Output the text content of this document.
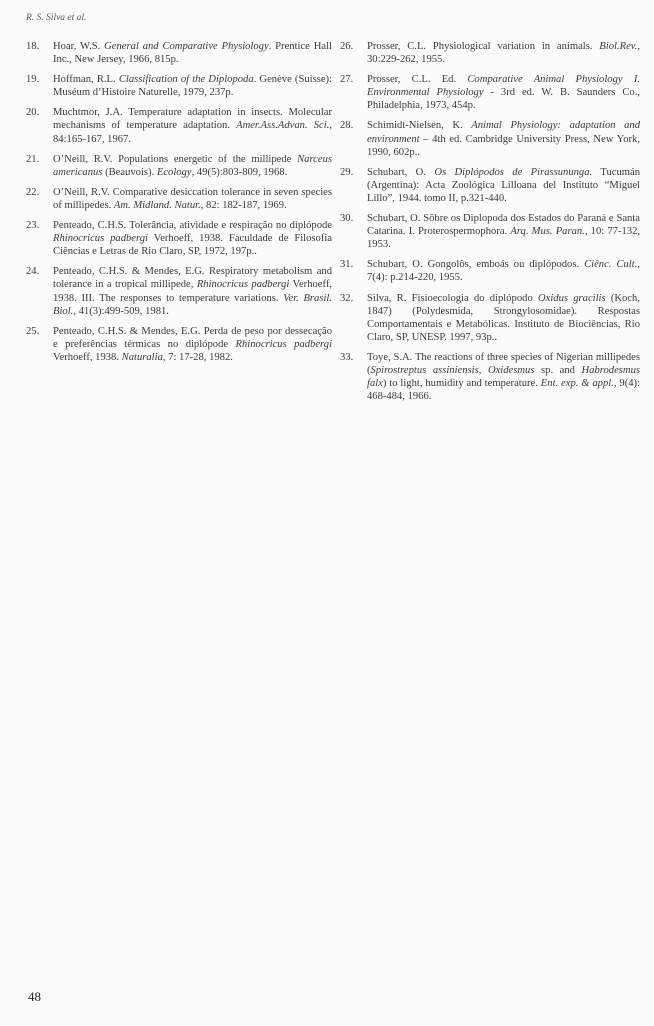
R. S. Silva et al.
18.	Hoar, W.S. General and Comparative Physiology. Prentice Hall Inc., New Jersey, 1966, 815p.
19.	Hoffman, R.L. Classification of the Diplopoda. Genève (Suisse): Muséum d’Histoire Naturelle, 1979, 237p.
20.	Muchtmor, J.A. Temperature adaptation in insects. Molecular mechanisms of temperature adaptation. Amer.Ass.Advan. Sci., 84:165-167, 1967.
21.	O’Neill, R.V. Populations energetic of the millipede Narceus americanus (Beauvois). Ecology, 49(5):803-809, 1968.
22.	O’Neill, R.V. Comparative desiccation tolerance in seven species of millipedes. Am. Midland. Natur., 82: 182-187, 1969.
23.	Penteado, C.H.S. Tolerância, atividade e respiração no diplópode Rhinocricus padbergi Verhoeff, 1938. Faculdade de Filosofia Ciências e Letras de Rio Claro, SP, 1972, 197p..
24.	Penteado, C.H.S. & Mendes, E.G. Respiratory metabolism and tolerance in a tropical millipede, Rhinocricus padbergi Verhoeff, 1938. III. The responses to temperature variations. Ver. Brasil. Biol., 41(3):499-509, 1981.
25.	Penteado, C.H.S. & Mendes, E.G. Perda de peso por dessecação e preferências térmicas no diplópode Rhinocricus padbergi Verhoeff, 1938. Naturalia, 7: 17-28, 1982.
26.	Prosser, C.L. Physiological variation in animals. Biol.Rev., 30:229-262, 1955.
27.	Prosser, C.L. Ed. Comparative Animal Physiology I. Environmental Physiology - 3rd ed. W. B. Saunders Co., Philadelphia, 1973, 454p.
28.	Schimidt-Nielsen, K. Animal Physiology: adaptation and environment – 4th ed. Cambridge University Press, New York, 1990, 602p..
29.	Schubart, O. Os Diplópodos de Pirassununga. Tucumán (Argentina): Acta Zoológica Lilloana del Instituto “Miguel Lillo”, 1944. tomo II, p.321-440.
30.	Schubart, O. Sôbre os Diplopoda dos Estados do Paraná e Santa Catarina. I. Proterospermophora. Arq. Mus. Paran., 10: 77-132, 1953.
31.	Schubart, O. Gongolôs, emboás ou diplópodos. Ciênc. Cult., 7(4): p.214-220, 1955.
32.	Silva, R. Fisioecologia do diplópodo Oxidus gracilis (Koch, 1847) (Polydesmida, Strongylosomidae). Respostas Comportamentais e Metabólicas. Instituto de Biociências, Rio Claro, SP, UNESP. 1997, 93p..
33.	Toye, S.A. The reactions of three species of Nigerian millipedes (Spirostreptus assiniensis, Oxidesmus sp. and Habrodesmus falx) to light, humidity and temperature. Ent. exp. & appl., 9(4): 468-484, 1966.
48
